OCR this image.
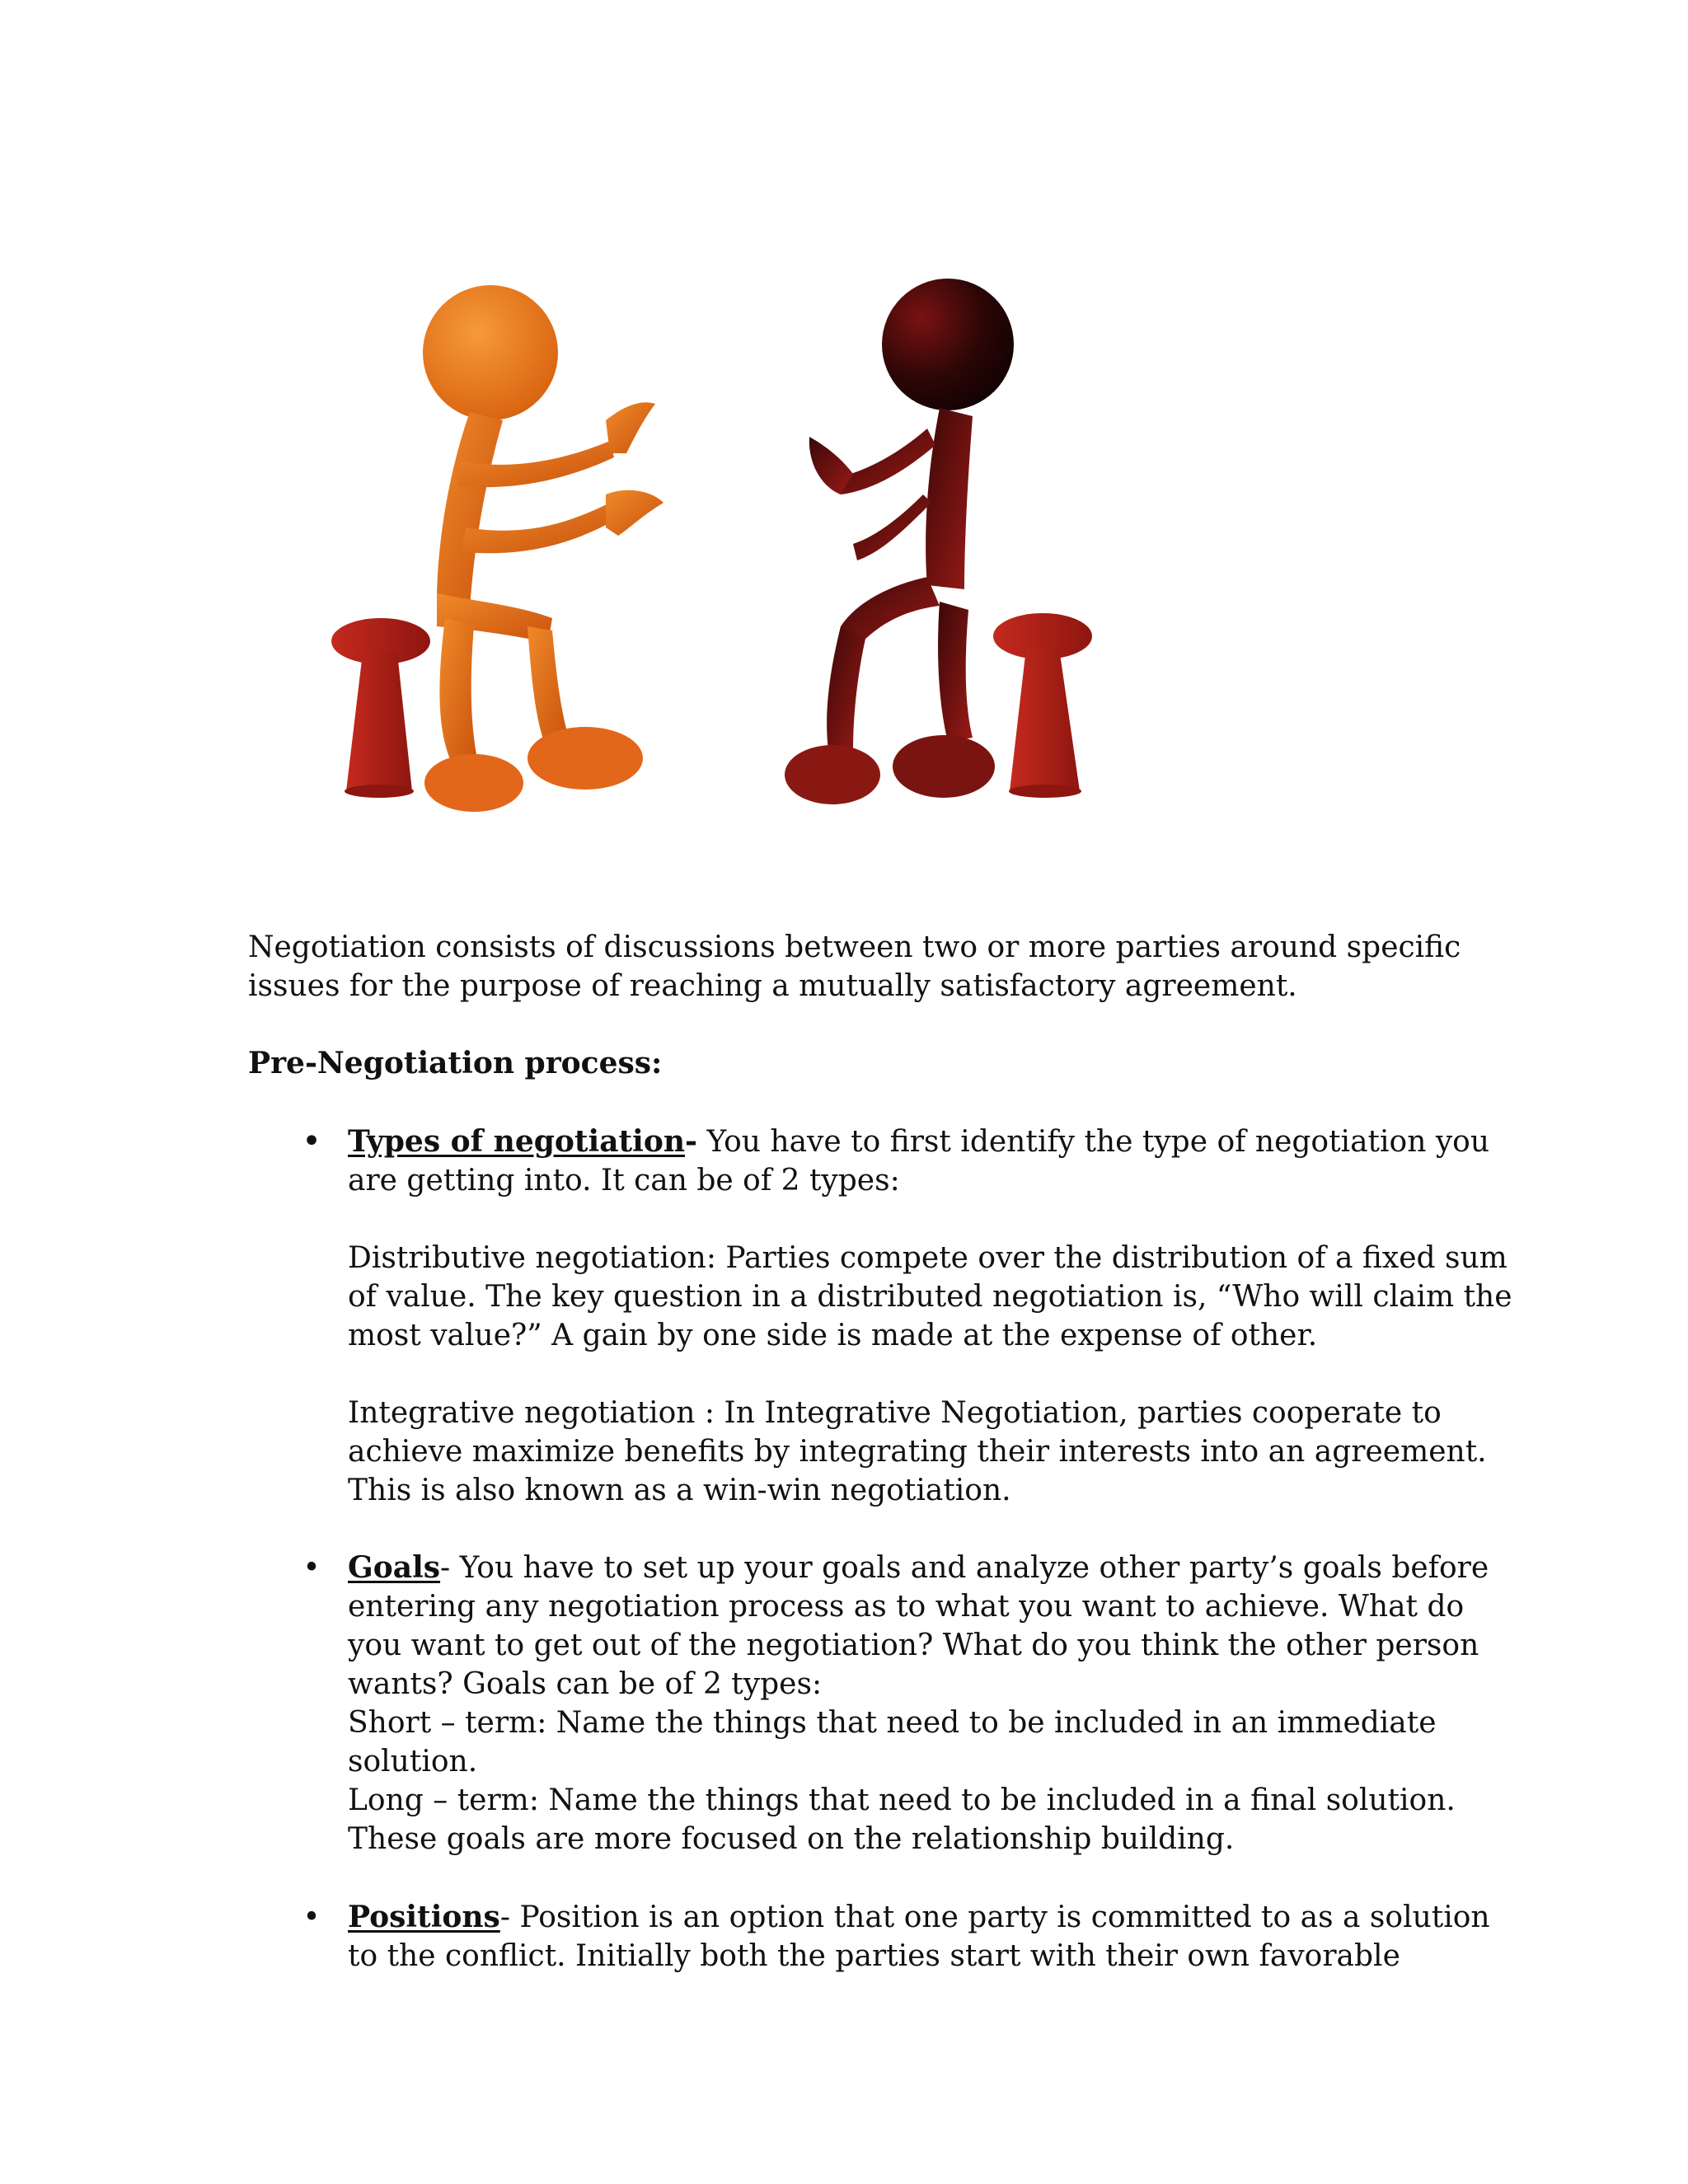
Negotiation consists of discussions between two or more parties around specific issues for the purpose of reaching a mutually satisfactory agreement.
Pre-Negotiation process:
• Types of negotiation- You have to first identify the type of negotiation you are getting into. It can be of 2 types:

Distributive negotiation: Parties compete over the distribution of a fixed sum of value. The key question in a distributed negotiation is, “Who will claim the most value?” A gain by one side is made at the expense of other.

Integrative negotiation : In Integrative Negotiation, parties cooperate to achieve maximize benefits by integrating their interests into an agreement. This is also known as a win-win negotiation.

• Goals- You have to set up your goals and analyze other party’s goals before entering any negotiation process as to what you want to achieve. What do you want to get out of the negotiation? What do you think the other person wants? Goals can be of 2 types:

Short – term: Name the things that need to be included in an immediate solution.

Long – term: Name the things that need to be included in a final solution. These goals are more focused on the relationship building.

• Positions- Position is an option that one party is committed to as a solution to the conflict. Initially both the parties start with their own favorable
